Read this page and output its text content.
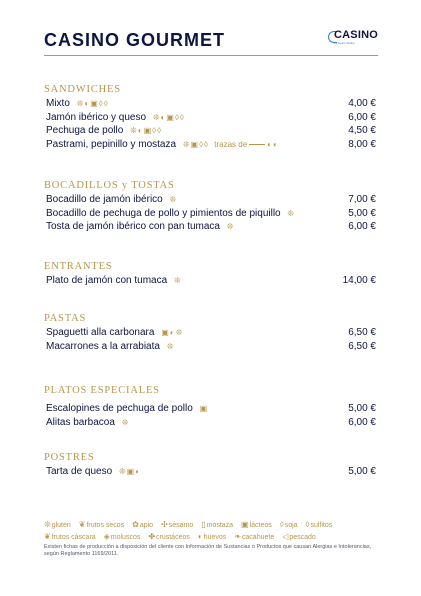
CASINO GOURMET	CASINO
by Gran Casino
SANDWICHES
Mixto ❊◐▣◊◊	4,00 €
Jamón ibérico y queso ❊◐▣◊◊	6,00 €
Pechuga de pollo ❊◐▣◊◊	4,50 €
Pastrami, pepinillo y mostaza ❊▣◊◊ trazas de	◐◐	8,00 €
BOCADILLOS y TOSTAS
Bocadillo de jamón ibérico ❊	7,00 €
Bocadillo de pechuga de pollo y pimientos de piquillo ❊	5,00 €
Tosta de jamón ibérico con pan tumaca ❊	6,00 €
ENTRANTES
Plato de jamón con tumaca ❊	14,00 €
PASTAS
Spaguetti alla carbonara ▣◐❊	6,50 €
Macarrones a la arrabiata ❊	6,50 €
PLATOS ESPECIALES
Escalopines de pechuga de pollo ▣	5,00 €
Alitas barbacoa ❊	6,00 €
POSTRES
Tarta de queso ❊▣◐	5,00 €
❊gluten ❦frutos secos ✿apio ✣sésamo ▯mostaza ▣lácteos ◊soja ◊sulfitos
❦frutos cáscara ◈moluscos ✤crustáceos ◐huevos ❧cacahuete ◁pescado
Existen fichas de producción a disposición del cliente con Información de Sustancias o Productos que causan Alergias e Intolerancias, según Reglamento 1169/2011.
